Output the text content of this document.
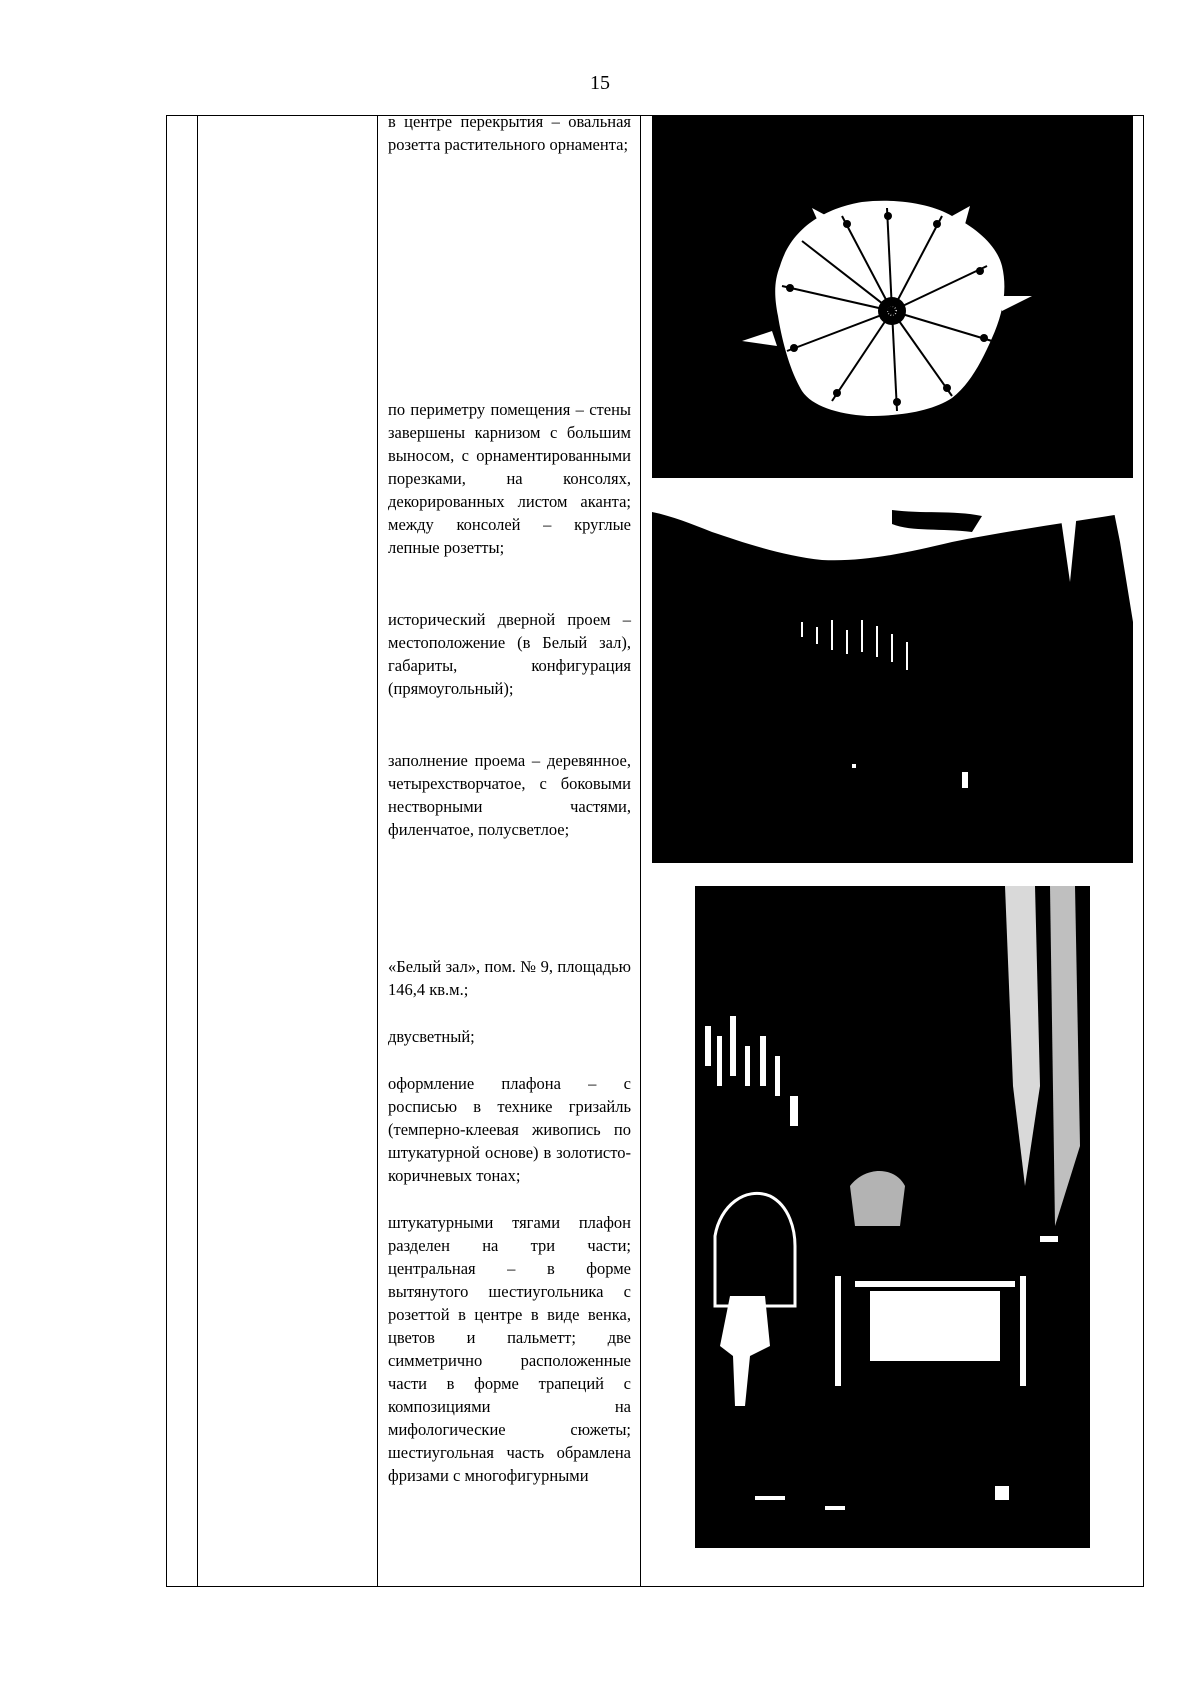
15

в центре перекрытия – овальная розетта растительного орнамента;

по периметру помещения – стены завершены карнизом с большим выносом, с орнаментированными порезками, на консолях, декорированных листом аканта; между консолей – круглые лепные розетты;

исторический дверной проем – местоположение (в Белый зал), габариты, конфигурация (прямоугольный);

заполнение проема – деревянное, четырехстворчатое, с боковыми нестворными частями, филенчатое, полусветлое;

«Белый зал», пом. № 9, площадью 146,4 кв.м.;

двусветный;

оформление плафона – с росписью в технике гризайль (темперно-клеевая живопись по штукатурной основе) в золотисто-коричневых тонах;

штукатурными тягами плафон разделен на три части; центральная – в форме вытянутого шестиугольника с розеттой в центре в виде венка, цветов и пальметт; две симметрично расположенные части в форме трапеций с композициями на мифологические сюжеты; шестиугольная часть обрамлена фризами с многофигурными
